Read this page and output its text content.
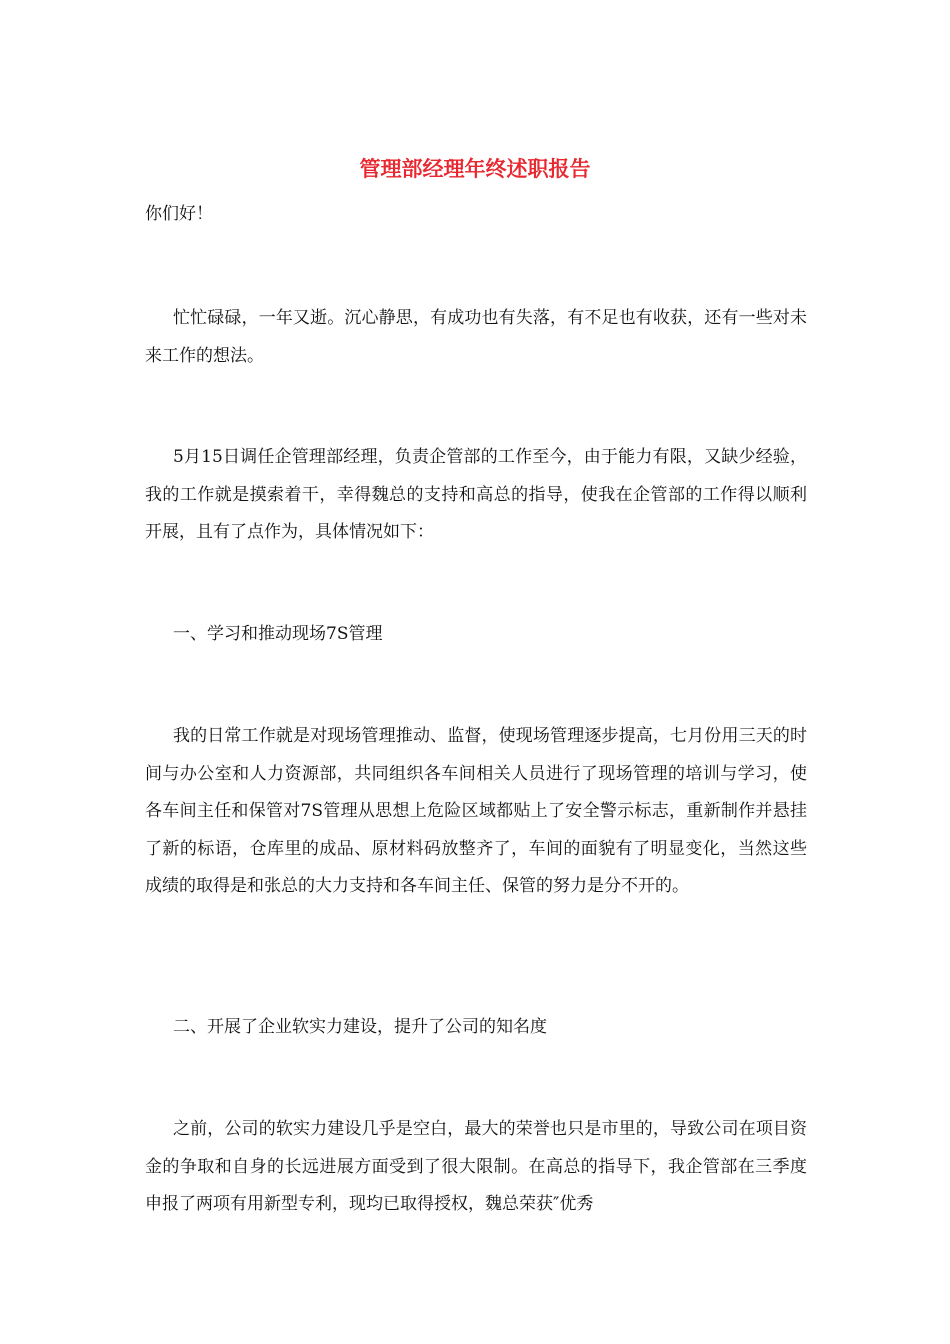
管理部经理年终述职报告

你们好！

忙忙碌碌，一年又逝。沉心静思，有成功也有失落，有不足也有收获，还有一些对未来工作的想法。

5月15日调任企管理部经理，负责企管部的工作至今，由于能力有限，又缺少经验，我的工作就是摸索着干，幸得魏总的支持和高总的指导，使我在企管部的工作得以顺利开展，且有了点作为，具体情况如下：

一、学习和推动现场7S管理

我的日常工作就是对现场管理推动、监督，使现场管理逐步提高，七月份用三天的时间与办公室和人力资源部，共同组织各车间相关人员进行了现场管理的培训与学习，使各车间主任和保管对7S管理从思想上危险区域都贴上了安全警示标志，重新制作并悬挂了新的标语，仓库里的成品、原材料码放整齐了，车间的面貌有了明显变化，当然这些成绩的取得是和张总的大力支持和各车间主任、保管的努力是分不开的。

二、开展了企业软实力建设，提升了公司的知名度

之前，公司的软实力建设几乎是空白，最大的荣誉也只是市里的，导致公司在项目资金的争取和自身的长远进展方面受到了很大限制。在高总的指导下，我企管部在三季度申报了两项有用新型专利，现均已取得授权，魏总荣获″优秀
